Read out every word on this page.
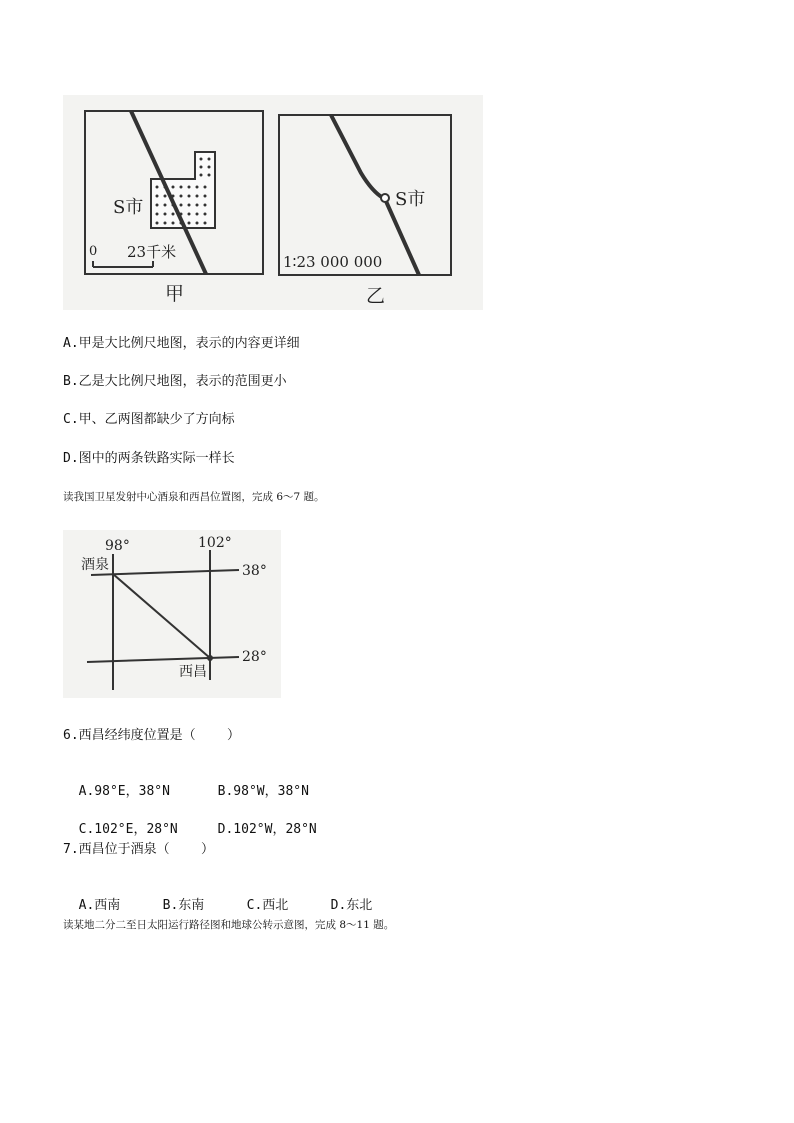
S市
0 23千米
甲
S市
1∶23 000 000
乙
A.甲是大比例尺地图，表示的内容更详细
B.乙是大比例尺地图，表示的范围更小
C.甲、乙两图都缺少了方向标
D.图中的两条铁路实际一样长
读我国卫星发射中心酒泉和西昌位置图，完成 6～7 题。
98°	102°
38°
28°
酒泉
西昌
6.西昌经纬度位置是（    ）

A.98°E，38°N	B.98°W，38°N

C.102°E，28°N	D.102°W，28°N

7.西昌位于酒泉（    ）

A.西南	B.东南	C.西北	D.东北

读某地二分二至日太阳运行路径图和地球公转示意图，完成 8～11 题。
